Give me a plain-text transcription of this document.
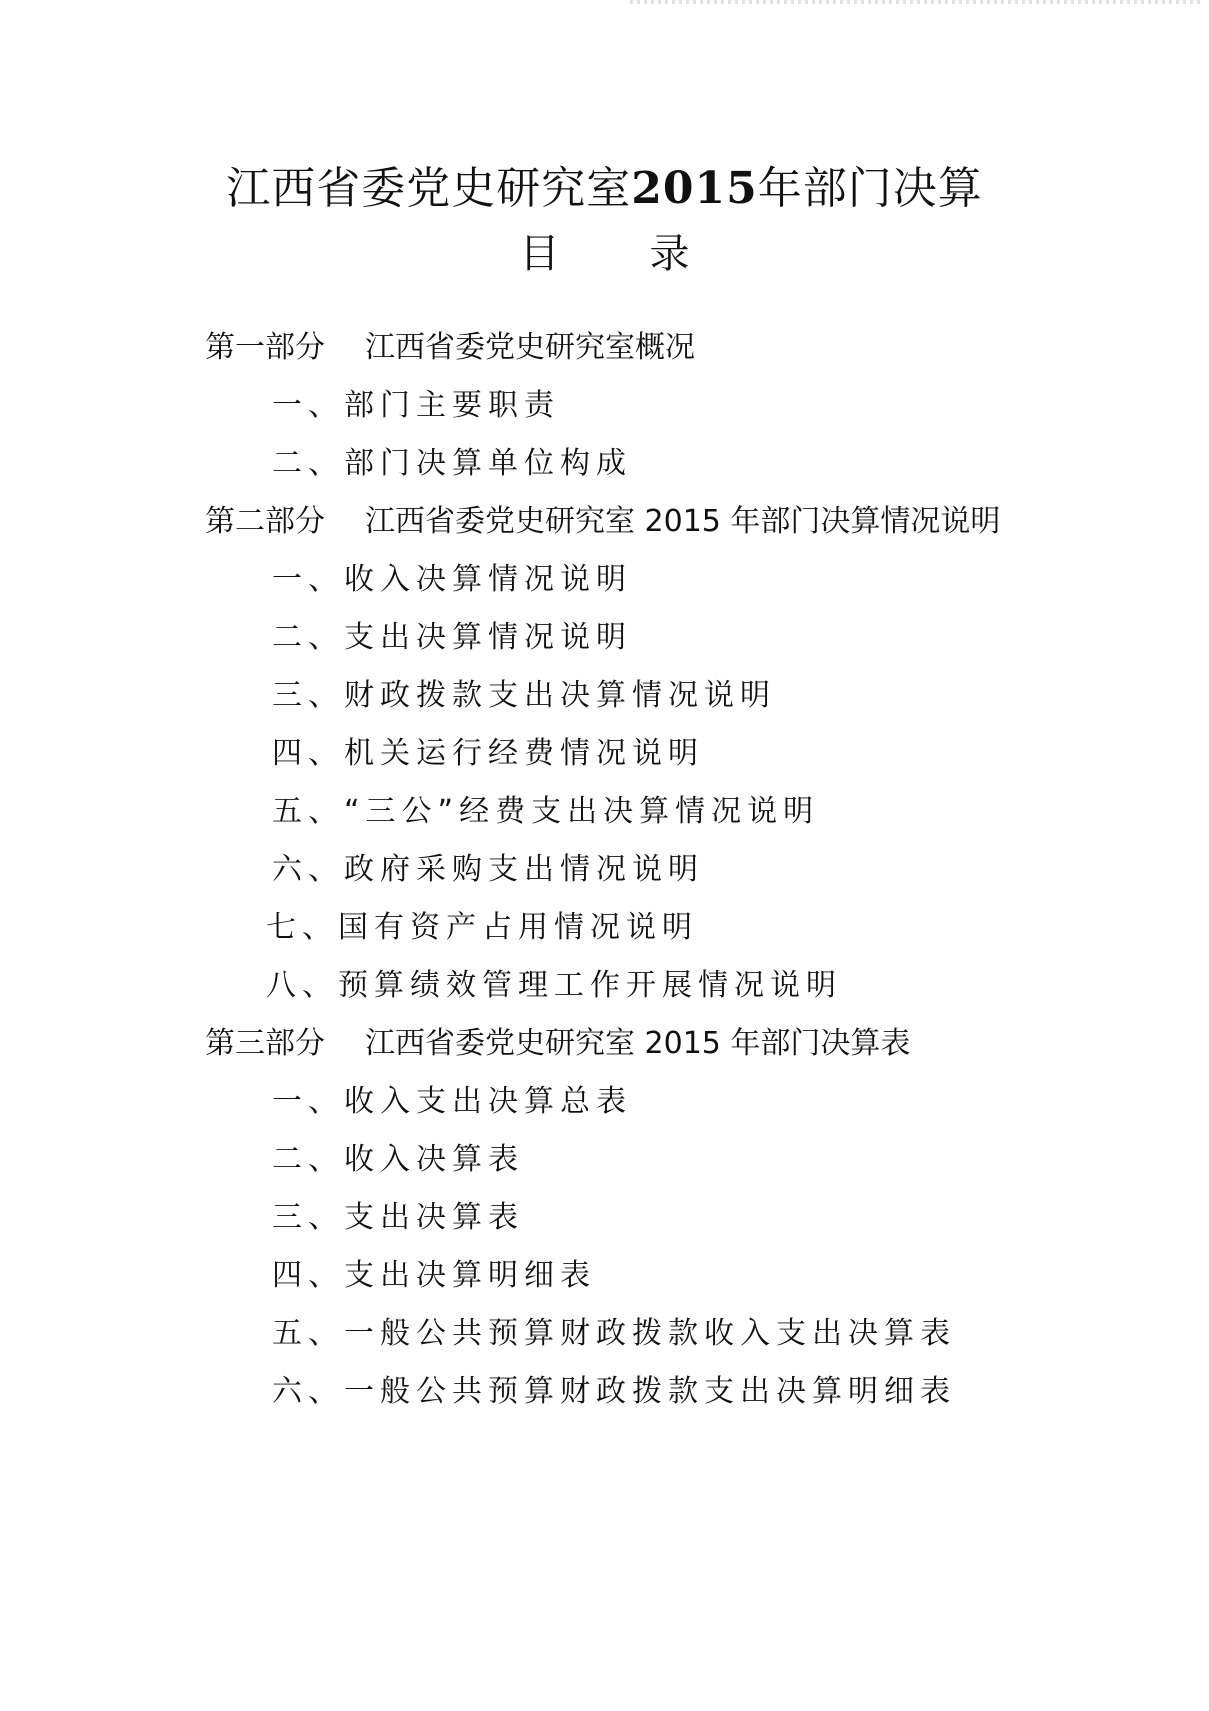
江西省委党史研究室2015年部门决算
目 录
第一部分 江西省委党史研究室概况
一、部门主要职责
二、部门决算单位构成
第二部分 江西省委党史研究室 2015 年部门决算情况说明
一、收入决算情况说明
二、支出决算情况说明
三、财政拨款支出决算情况说明
四、机关运行经费情况说明
五、“三公”经费支出决算情况说明
六、政府采购支出情况说明
七、国有资产占用情况说明
八、预算绩效管理工作开展情况说明
第三部分 江西省委党史研究室 2015 年部门决算表
一、收入支出决算总表
二、收入决算表
三、支出决算表
四、支出决算明细表
五、一般公共预算财政拨款收入支出决算表
六、一般公共预算财政拨款支出决算明细表
